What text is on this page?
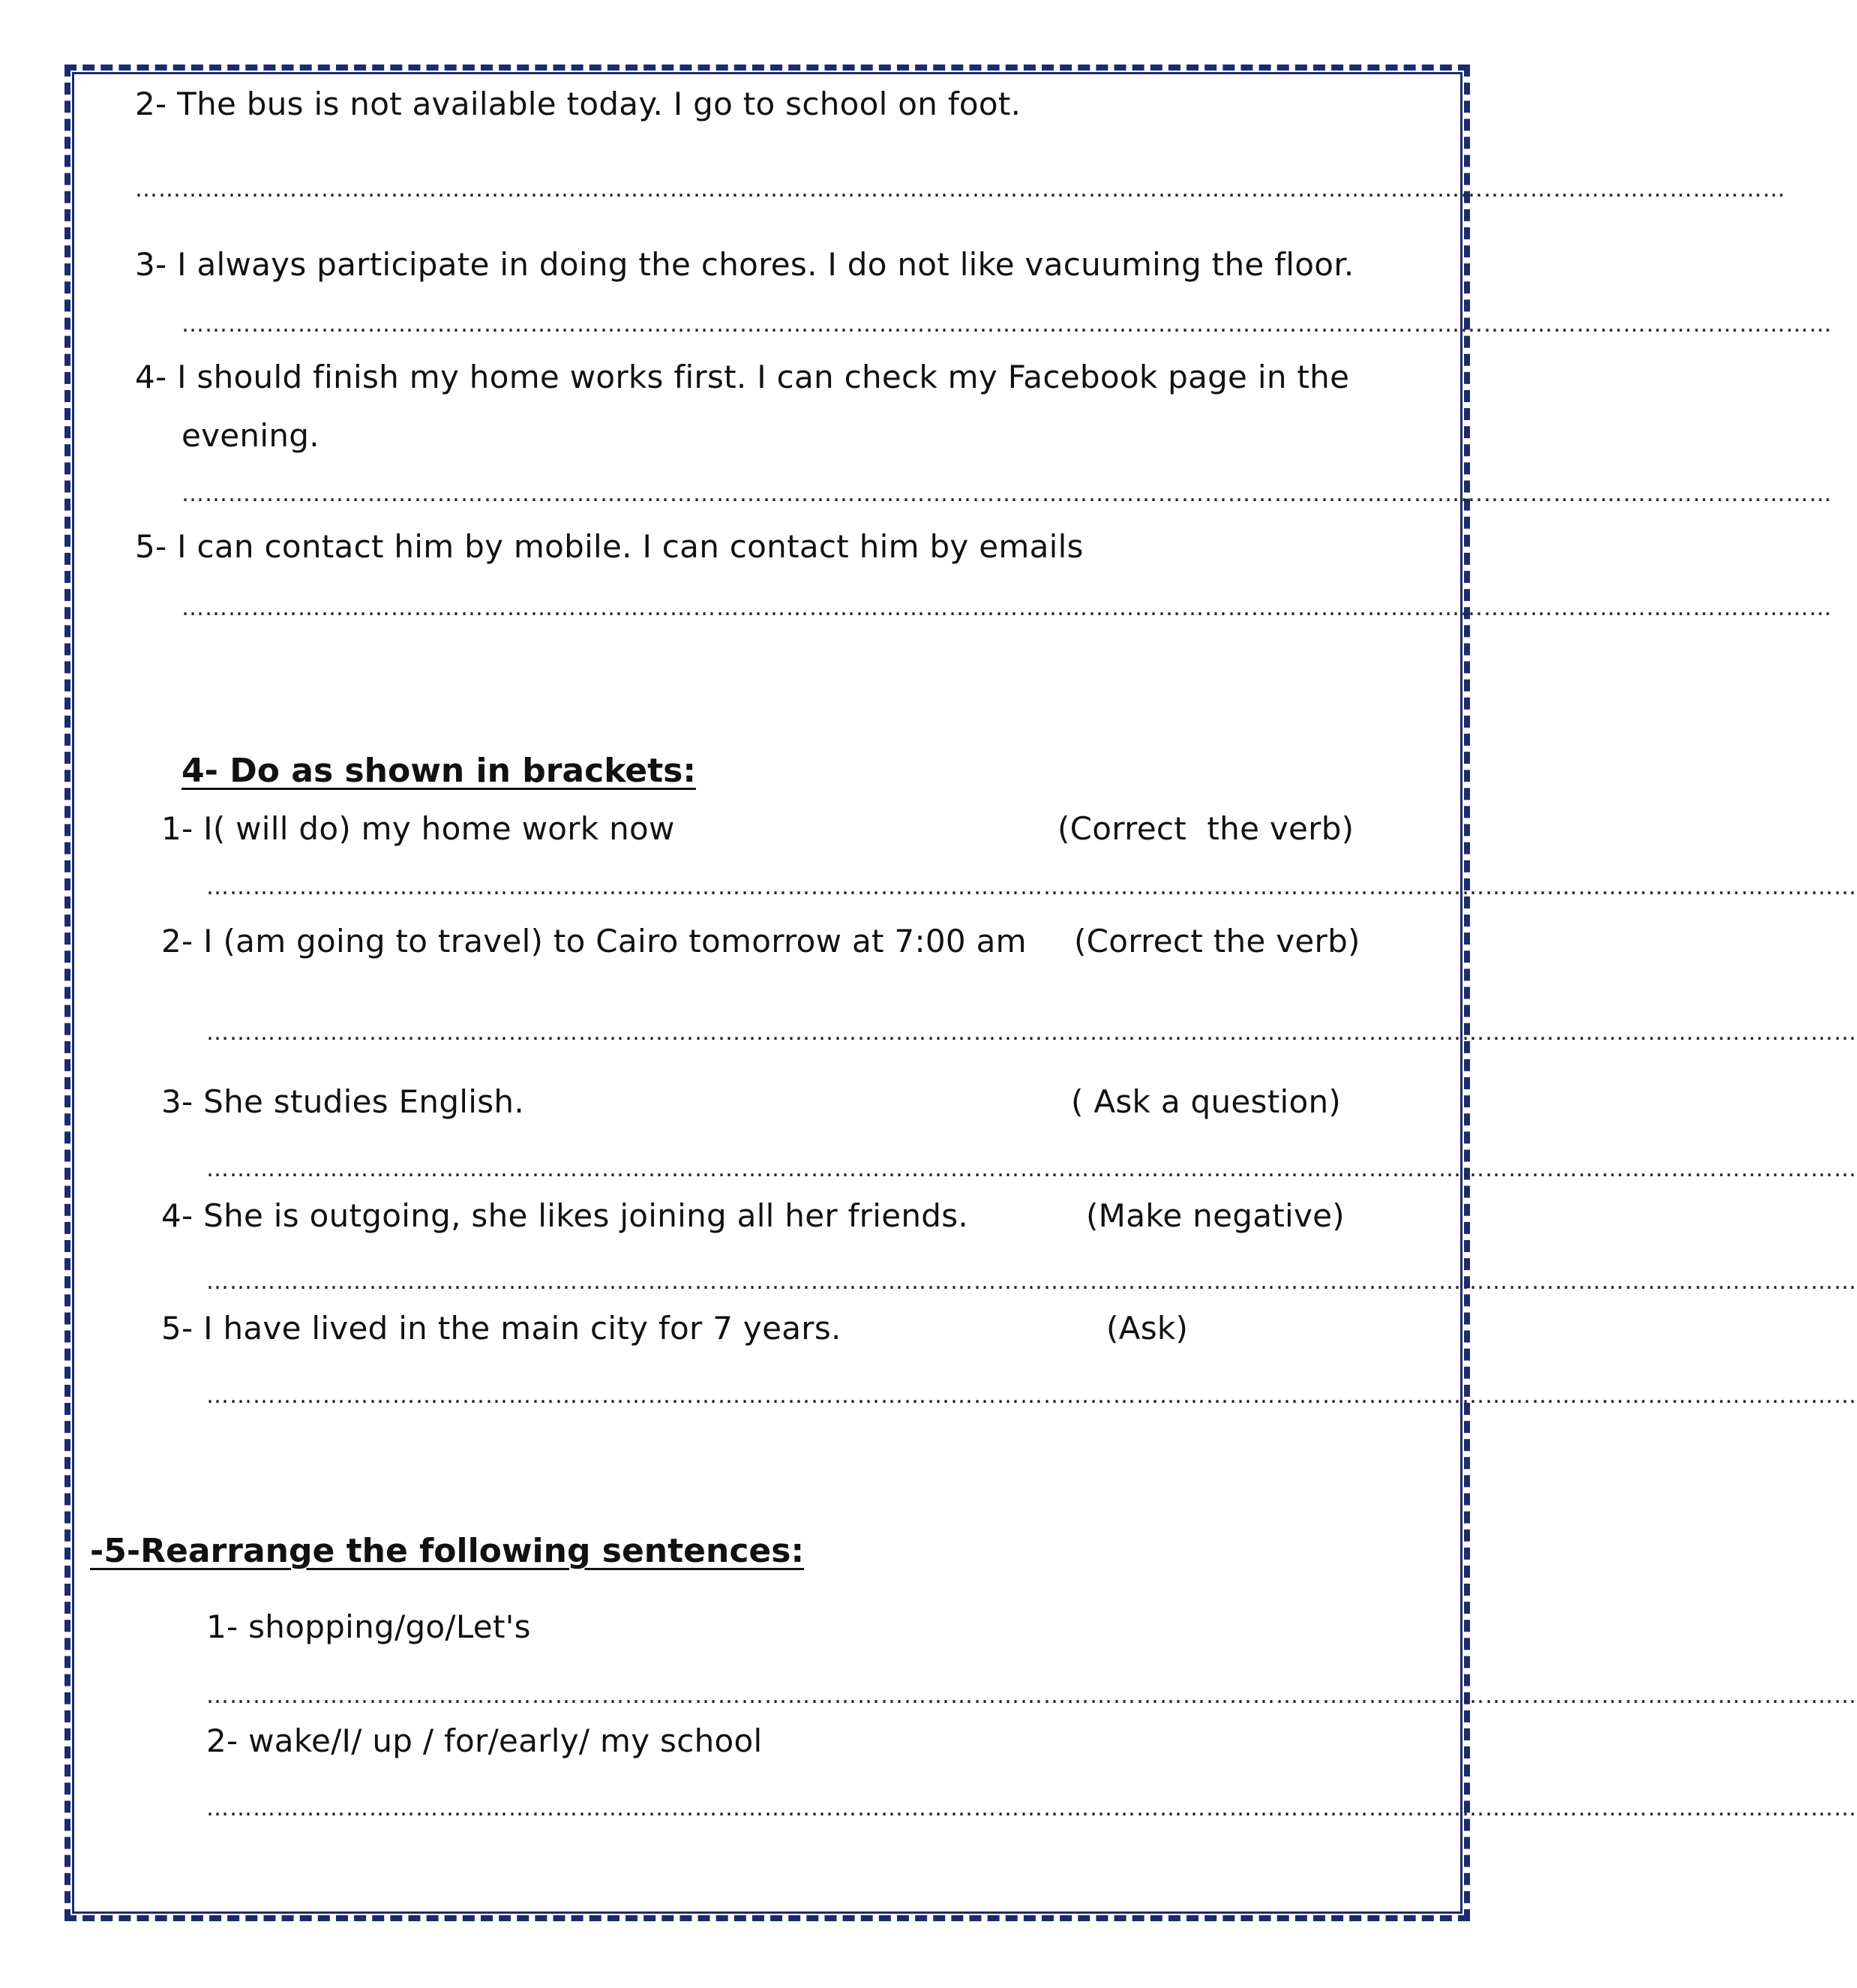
2- The bus is not available today. I go to school on foot.
……………………………………………………………………………………………………………………………………………………………………………………………
3- I always participate in doing the chores. I do not like vacuuming the floor.
……………………………………………………………………………………………………………………………………………………………………………………………
4- I should finish my home works first. I can check my Facebook page in the
evening.
……………………………………………………………………………………………………………………………………………………………………………………………
5- I can contact him by mobile. I can contact him by emails
……………………………………………………………………………………………………………………………………………………………………………………………
4- Do as shown in brackets:
1- I( will do) my home work now	(Correct  the verb)
……………………………………………………………………………………………………………………………………………………………………………………………
2- I (am going to travel) to Cairo tomorrow at 7:00 am (Correct the verb)
……………………………………………………………………………………………………………………………………………………………………………………………
3- She studies English.	( Ask a question)
……………………………………………………………………………………………………………………………………………………………………………………………
4- She is outgoing, she likes joining all her friends.	(Make negative)
……………………………………………………………………………………………………………………………………………………………………………………………
5- I have lived in the main city for 7 years.	(Ask)
……………………………………………………………………………………………………………………………………………………………………………………………
-5-Rearrange the following sentences:
1- shopping/go/Let's
……………………………………………………………………………………………………………………………………………………………………………………………
2- wake/I/ up / for/early/ my school
……………………………………………………………………………………………………………………………………………………………………………………………
